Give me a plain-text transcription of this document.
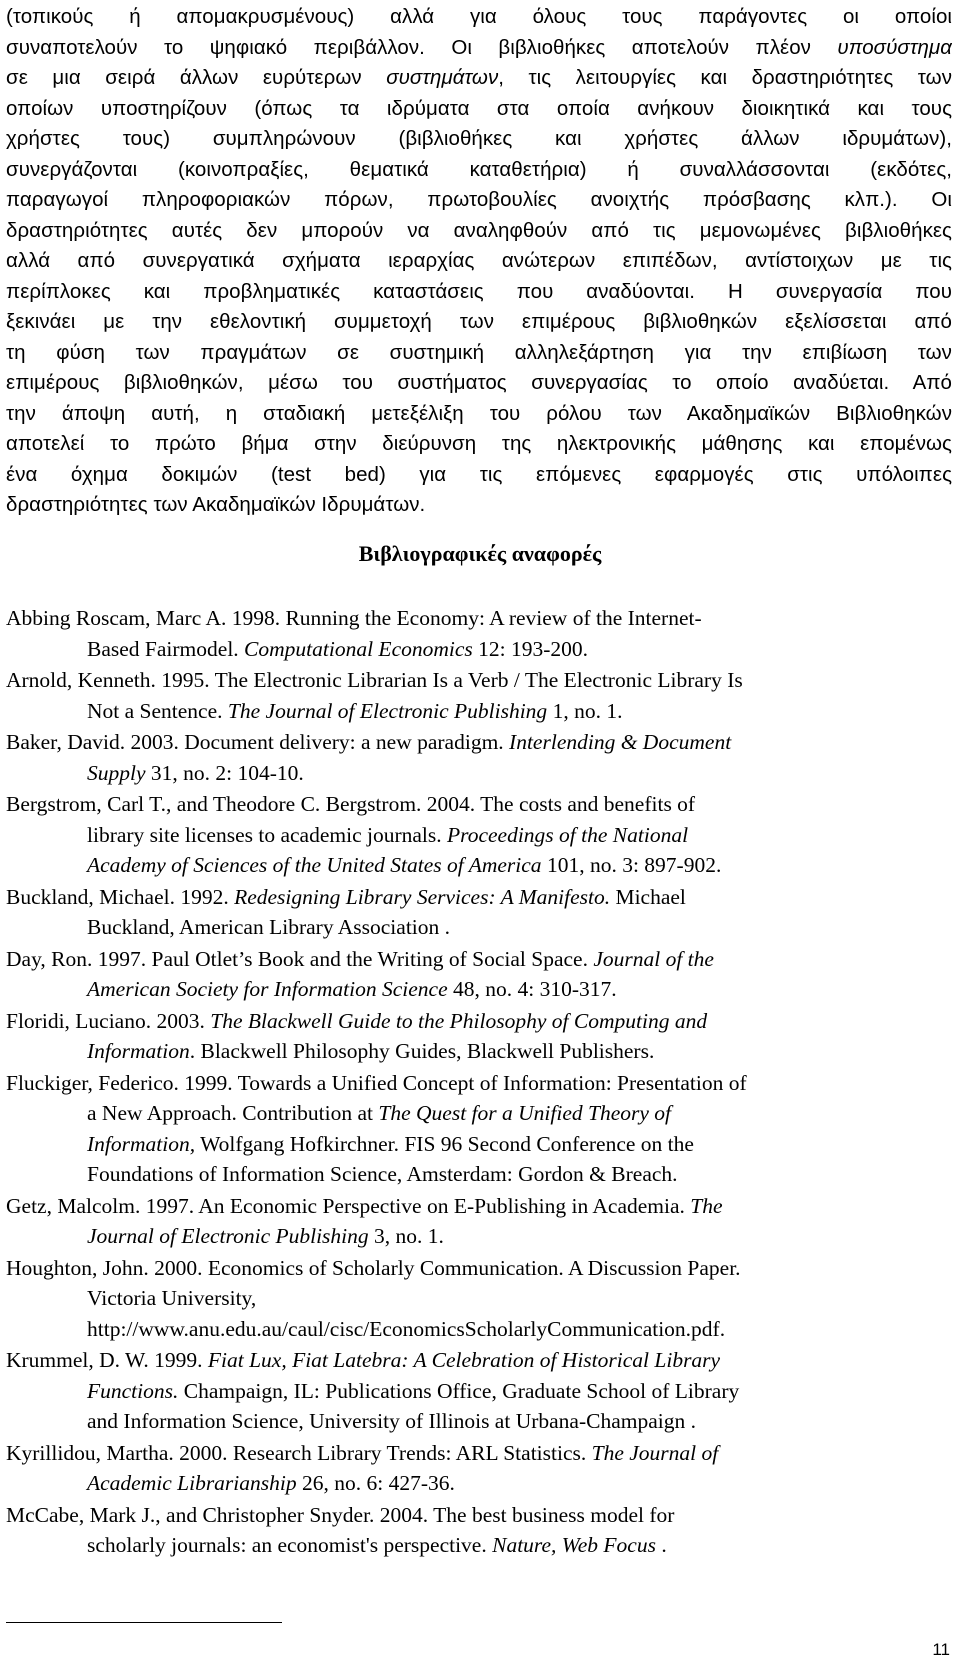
(τοπικούς ή απομακρυσμένους) αλλά για όλους τους παράγοντες οι οποίοι
συναποτελούν το ψηφιακό περιβάλλον. Οι βιβλιοθήκες αποτελούν πλέον υποσύστημα
σε μια σειρά άλλων ευρύτερων συστημάτων, τις λειτουργίες και δραστηριότητες των
οποίων υποστηρίζουν (όπως τα ιδρύματα στα οποία ανήκουν διοικητικά και τους
χρήστες τους) συμπληρώνουν (βιβλιοθήκες και χρήστες άλλων ιδρυμάτων),
συνεργάζονται (κοινοπραξίες, θεματικά καταθετήρια) ή συναλλάσσονται (εκδότες,
παραγωγοί πληροφοριακών πόρων, πρωτοβουλίες ανοιχτής πρόσβασης κλπ.). Οι
δραστηριότητες αυτές δεν μπορούν να αναληφθούν από τις μεμονωμένες βιβλιοθήκες
αλλά από συνεργατικά σχήματα ιεραρχίας ανώτερων επιπέδων, αντίστοιχων με τις
περίπλοκες και προβληματικές καταστάσεις που αναδύονται. Η συνεργασία που
ξεκινάει με την εθελοντική συμμετοχή των επιμέρους βιβλιοθηκών εξελίσσεται από
τη φύση των πραγμάτων σε συστημική αλληλεξάρτηση για την επιβίωση των
επιμέρους βιβλιοθηκών, μέσω του συστήματος συνεργασίας το οποίο αναδύεται. Από
την άποψη αυτή, η σταδιακή μετεξέλιξη του ρόλου των Ακαδημαϊκών Βιβλιοθηκών
αποτελεί το πρώτο βήμα στην διεύρυνση της ηλεκτρονικής μάθησης και επομένως
ένα όχημα δοκιμών (test bed) για τις επόμενες εφαρμογές στις υπόλοιπες
δραστηριότητες των Ακαδημαϊκών Ιδρυμάτων.
Βιβλιογραφικές αναφορές
Abbing Roscam, Marc A. 1998. Running the Economy: A review of the Internet-
Based Fairmodel. Computational Economics 12: 193-200.
Arnold, Kenneth. 1995. The Electronic Librarian Is a Verb / The Electronic Library Is
Not a Sentence. The Journal of Electronic Publishing 1, no. 1.
Baker, David. 2003. Document delivery: a new paradigm. Interlending & Document
Supply 31, no. 2: 104-10.
Bergstrom, Carl T., and Theodore C. Bergstrom. 2004. The costs and benefits of
library site licenses to academic journals. Proceedings of the National
Academy of Sciences of the United States of America 101, no. 3: 897-902.
Buckland, Michael. 1992. Redesigning Library Services: A Manifesto. Michael
Buckland, American Library Association .
Day, Ron. 1997. Paul Otlet’s Book and the Writing of Social Space. Journal of the
American Society for Information Science 48, no. 4: 310-317.
Floridi, Luciano. 2003. The Blackwell Guide to the Philosophy of Computing and
Information. Blackwell Philosophy Guides, Blackwell Publishers.
Fluckiger, Federico. 1999. Towards a Unified Concept of Information: Presentation of
a New Approach. Contribution at The Quest for a Unified Theory of
Information, Wolfgang Hofkirchner. FIS 96 Second Conference on the
Foundations of Information Science, Amsterdam: Gordon & Breach.
Getz, Malcolm. 1997. An Economic Perspective on E-Publishing in Academia. The
Journal of Electronic Publishing 3, no. 1.
Houghton, John. 2000. Economics of Scholarly Communication. A Discussion Paper.
Victoria University,
http://www.anu.edu.au/caul/cisc/EconomicsScholarlyCommunication.pdf.
Krummel, D. W. 1999. Fiat Lux, Fiat Latebra: A Celebration of Historical Library
Functions. Champaign, IL: Publications Office, Graduate School of Library
and Information Science, University of Illinois at Urbana-Champaign .
Kyrillidou, Martha. 2000. Research Library Trends: ARL Statistics. The Journal of
Academic Librarianship 26, no. 6: 427-36.
McCabe, Mark J., and Christopher Snyder. 2004. The best business model for
scholarly journals: an economist's perspective. Nature, Web Focus .
11
